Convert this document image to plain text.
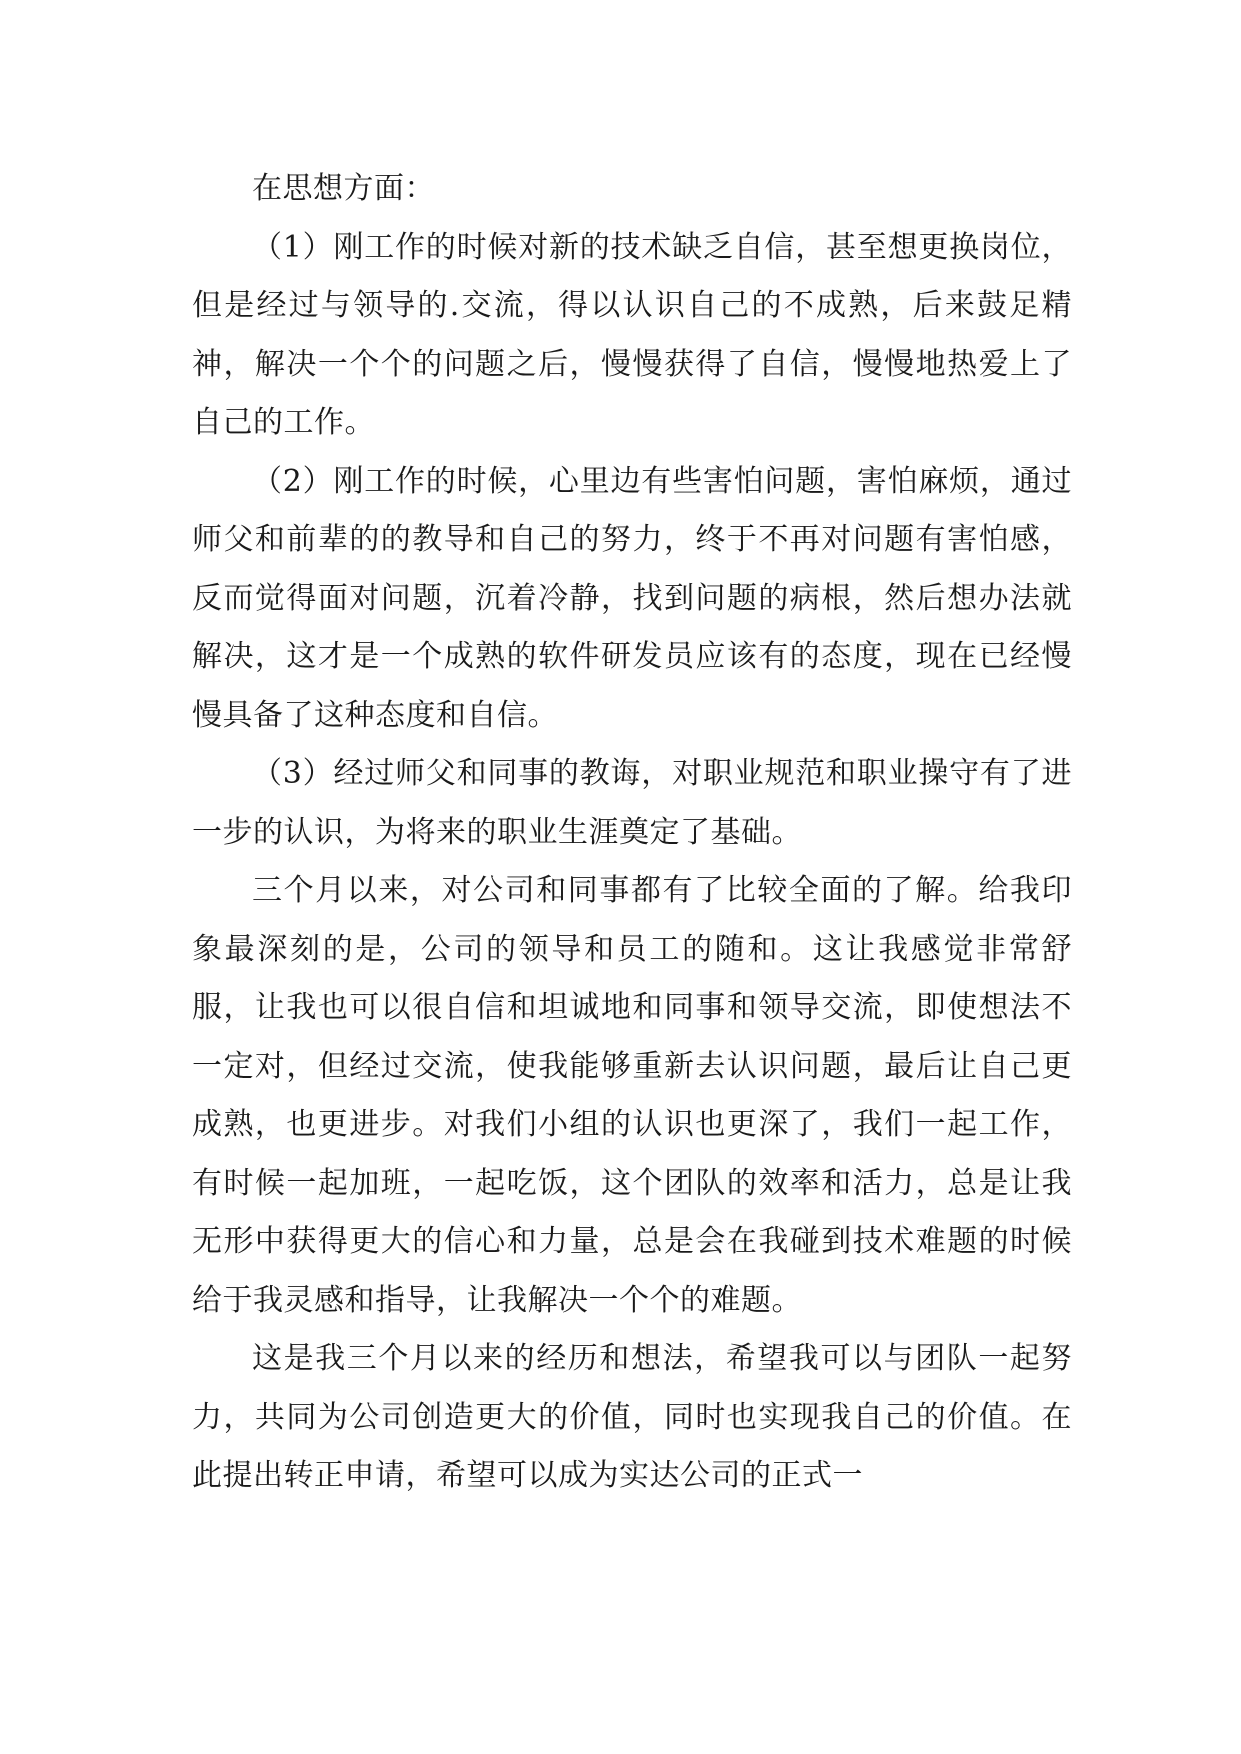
在思想方面：

（1）刚工作的时候对新的技术缺乏自信，甚至想更换岗位，但是经过与领导的.交流，得以认识自己的不成熟，后来鼓足精神，解决一个个的问题之后，慢慢获得了自信，慢慢地热爱上了自己的工作。

（2）刚工作的时候，心里边有些害怕问题，害怕麻烦，通过师父和前辈的的教导和自己的努力，终于不再对问题有害怕感，反而觉得面对问题，沉着冷静，找到问题的病根，然后想办法就解决，这才是一个成熟的软件研发员应该有的态度，现在已经慢慢具备了这种态度和自信。

（3）经过师父和同事的教诲，对职业规范和职业操守有了进一步的认识，为将来的职业生涯奠定了基础。

三个月以来，对公司和同事都有了比较全面的了解。给我印象最深刻的是，公司的领导和员工的随和。这让我感觉非常舒服，让我也可以很自信和坦诚地和同事和领导交流，即使想法不一定对，但经过交流，使我能够重新去认识问题，最后让自己更成熟，也更进步。对我们小组的认识也更深了，我们一起工作，有时候一起加班，一起吃饭，这个团队的效率和活力，总是让我无形中获得更大的信心和力量，总是会在我碰到技术难题的时候给于我灵感和指导，让我解决一个个的难题。

这是我三个月以来的经历和想法，希望我可以与团队一起努力，共同为公司创造更大的价值，同时也实现我自己的价值。在此提出转正申请，希望可以成为实达公司的正式一
